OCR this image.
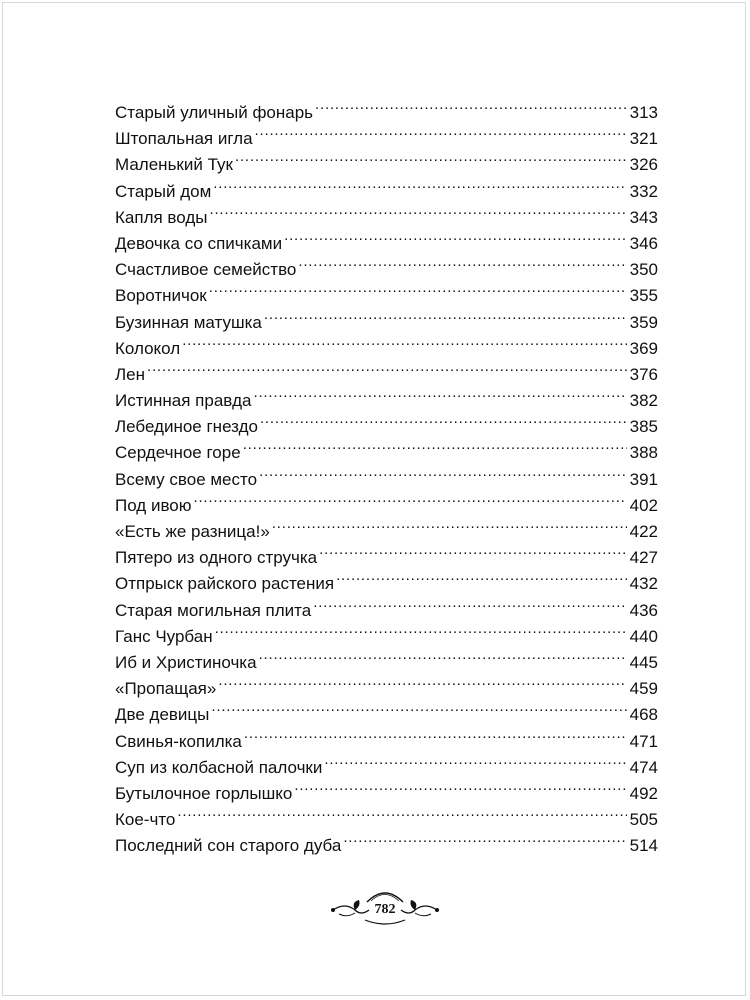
Старый уличный фонарь .....	313
Штопальная игла .....	321
Маленький Тук .....	326
Старый дом .....	332
Капля воды .....	343
Девочка со спичками .....	346
Счастливое семейство .....	350
Воротничок .....	355
Бузинная матушка .....	359
Колокол .....	369
Лен .....	376
Истинная правда .....	382
Лебединое гнездо .....	385
Сердечное горе .....	388
Всему свое место .....	391
Под ивою .....	402
«Есть же разница!» .....	422
Пятеро из одного стручка .....	427
Отпрыск райского растения .....	432
Старая могильная плита .....	436
Ганс Чурбан .....	440
Иб и Христиночка .....	445
«Пропащая» .....	459
Две девицы .....	468
Свинья-копилка .....	471
Суп из колбасной палочки .....	474
Бутылочное горлышко .....	492
Кое-что .....	505
Последний сон старого дуба .....	514
782
